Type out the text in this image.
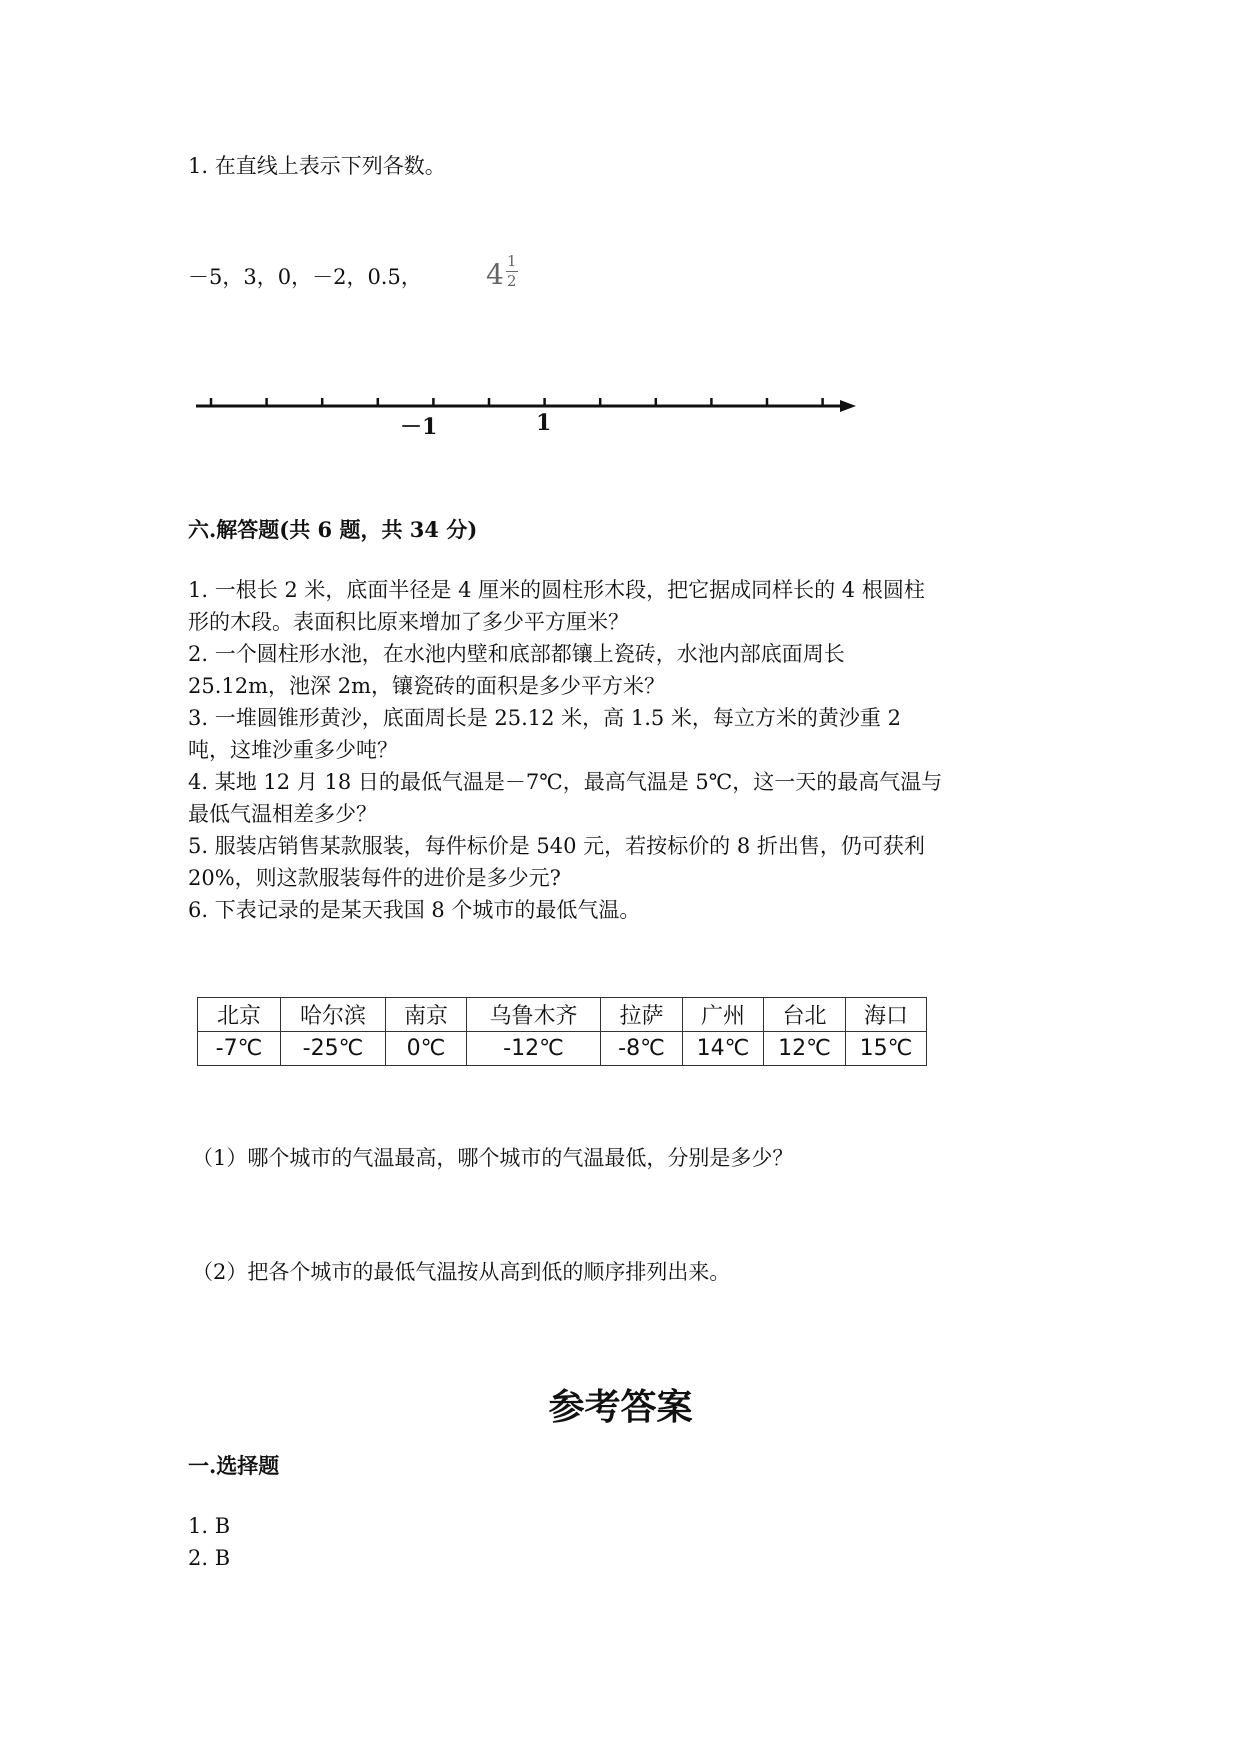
1. 在直线上表示下列各数。
－5，3，0，－2，0.5， 4 1
2
－1	1
六.解答题(共 6 题，共 34 分)
1. 一根长 2 米，底面半径是 4 厘米的圆柱形木段，把它据成同样长的 4 根圆柱
形的木段。表面积比原来增加了多少平方厘米？
2. 一个圆柱形水池，在水池内壁和底部都镶上瓷砖，水池内部底面周长
25.12m，池深 2m，镶瓷砖的面积是多少平方米？
3. 一堆圆锥形黄沙，底面周长是 25.12 米，高 1.5 米，每立方米的黄沙重 2
吨，这堆沙重多少吨？
4. 某地 12 月 18 日的最低气温是－7℃，最高气温是 5℃，这一天的最高气温与
最低气温相差多少？
5. 服装店销售某款服装，每件标价是 540 元，若按标价的 8 折出售，仍可获利
20%，则这款服装每件的进价是多少元?
6. 下表记录的是某天我国 8 个城市的最低气温。
北京	哈尔滨	南京	乌鲁木齐	拉萨	广州	台北	海口
-7℃	-25℃	0℃	-12℃	-8℃	14℃	12℃	15℃
（1）哪个城市的气温最高，哪个城市的气温最低，分别是多少？
（2）把各个城市的最低气温按从高到低的顺序排列出来。
参考答案
一.选择题
1. B
2. B
